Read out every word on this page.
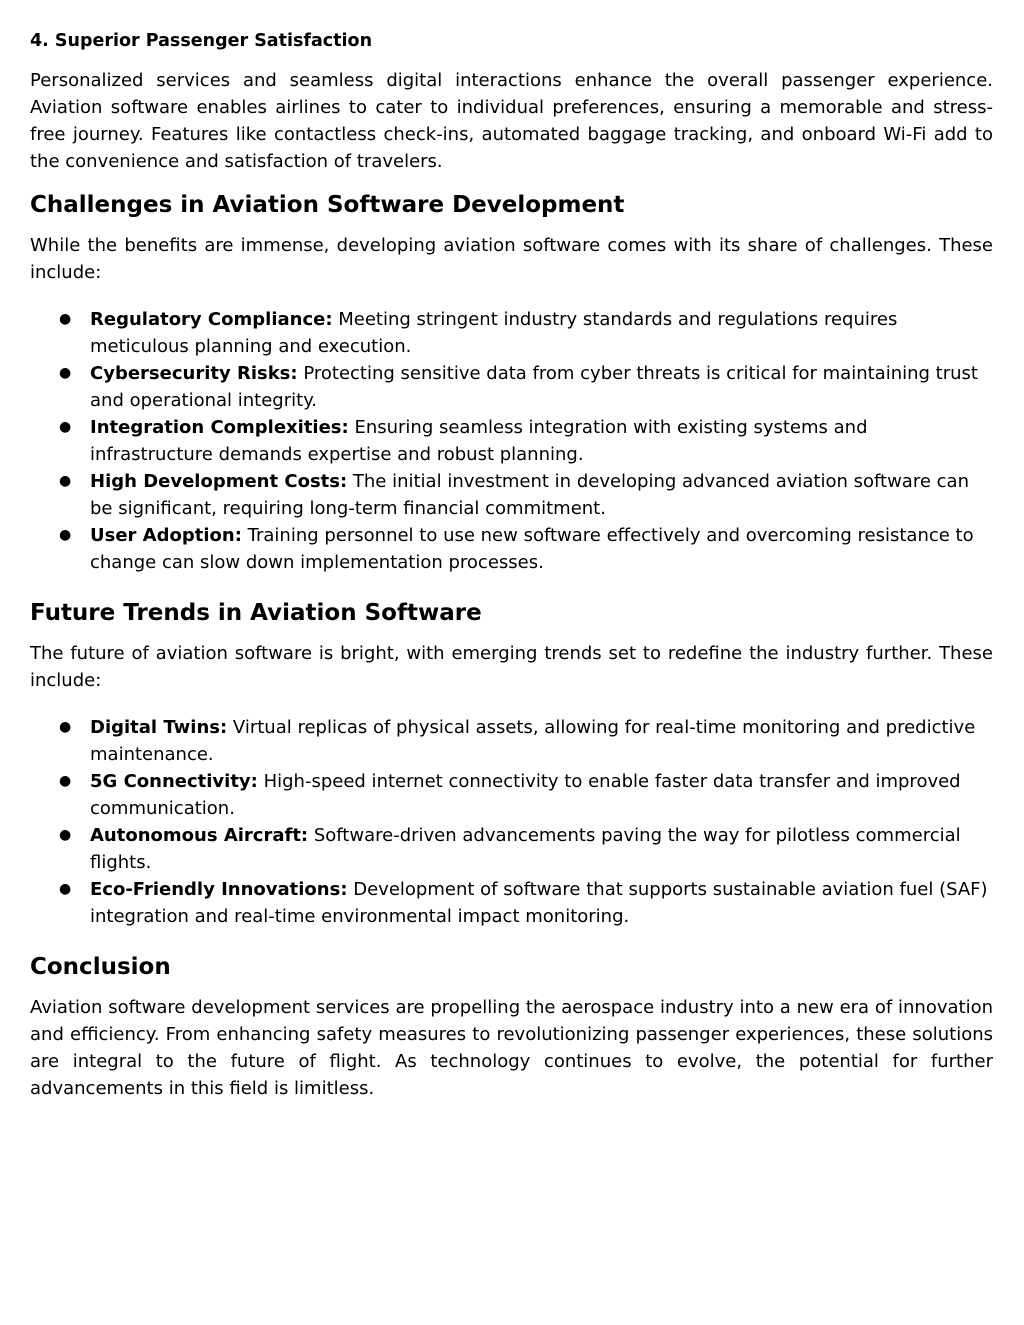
4. Superior Passenger Satisfaction

Personalized services and seamless digital interactions enhance the overall passenger experience. Aviation software enables airlines to cater to individual preferences, ensuring a memorable and stress-free journey. Features like contactless check-ins, automated baggage tracking, and onboard Wi-Fi add to the convenience and satisfaction of travelers.

Challenges in Aviation Software Development

While the benefits are immense, developing aviation software comes with its share of challenges. These include:

● Regulatory Compliance: Meeting stringent industry standards and regulations requires meticulous planning and execution.
● Cybersecurity Risks: Protecting sensitive data from cyber threats is critical for maintaining trust and operational integrity.
● Integration Complexities: Ensuring seamless integration with existing systems and infrastructure demands expertise and robust planning.
● High Development Costs: The initial investment in developing advanced aviation software can be significant, requiring long-term financial commitment.
● User Adoption: Training personnel to use new software effectively and overcoming resistance to change can slow down implementation processes.
Future Trends in Aviation Software

The future of aviation software is bright, with emerging trends set to redefine the industry further. These include:

● Digital Twins: Virtual replicas of physical assets, allowing for real-time monitoring and predictive maintenance.
● 5G Connectivity: High-speed internet connectivity to enable faster data transfer and improved communication.
● Autonomous Aircraft: Software-driven advancements paving the way for pilotless commercial flights.
● Eco-Friendly Innovations: Development of software that supports sustainable aviation fuel (SAF) integration and real-time environmental impact monitoring.
Conclusion

Aviation software development services are propelling the aerospace industry into a new era of innovation and efficiency. From enhancing safety measures to revolutionizing passenger experiences, these solutions are integral to the future of flight. As technology continues to evolve, the potential for further advancements in this field is limitless.
